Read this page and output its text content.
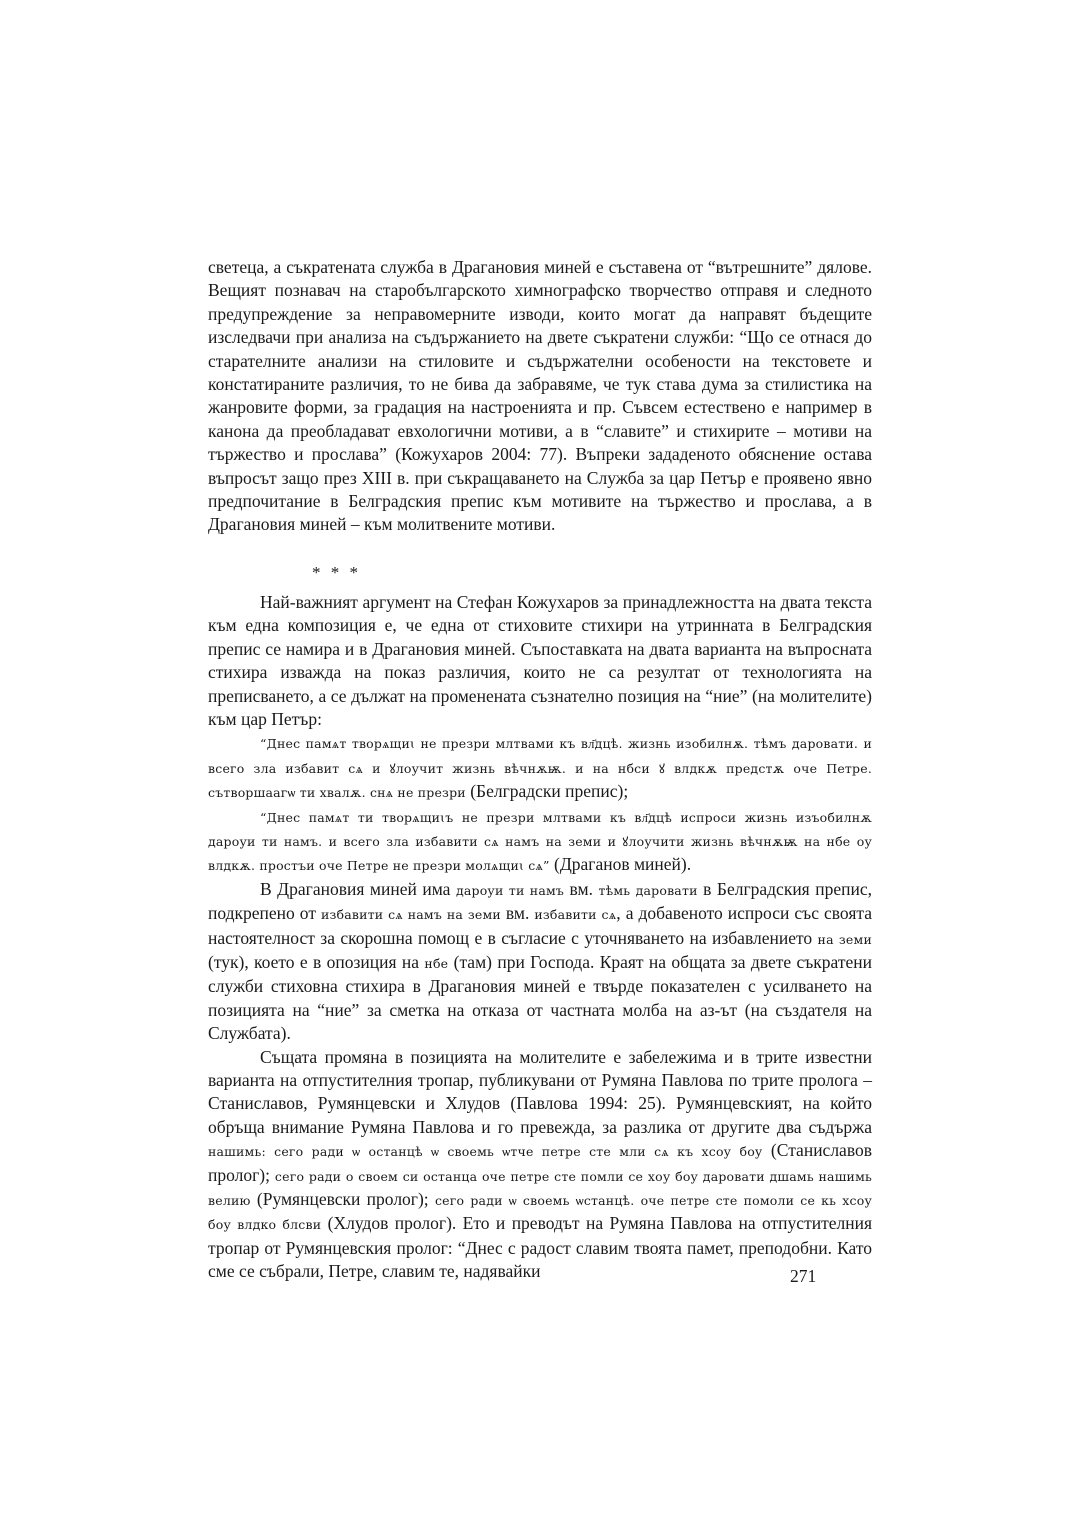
светеца, а съкратената служба в Драгановия миней е съставена от “вътрешните” дялове. Вещият познавач на старобългарското химнографско творчество отправя и следното предупреждение за неправомерните изводи, които могат да направят бъдещите изследвачи при анализа на съдържанието на двете съкратени служби: “Що се отнася до старателните анализи на стиловите и съдържателни особености на текстовете и констатираните различия, то не бива да забравяме, че тук става дума за стилистика на жанровите форми, за градация на настроенията и пр. Съвсем естествено е например в канона да преобладават евхологични мотиви, а в “славите” и стихирите – мотиви на тържество и прослава” (Кожухаров 2004: 77). Въпреки зададеното обяснение остава въпросът защо през XIII в. при съкращаването на Служба за цар Петър е проявено явно предпочитание в Белградския препис към мотивите на тържество и прослава, а в Драгановия миней – към молитвените мотиви.

* * *

Най-важният аргумент на Стефан Кожухаров за принадлежността на двата текста към една композиция е, че една от стиховите стихири на утринната в Белградския препис се намира и в Драгановия миней. Съпоставката на двата варианта на въпросната стихира изважда на показ различия, които не са резултат от технологията на преписването, а се дължат на променената съзнателно позиция на “ние” (на молителите) към цар Петър:

“Днес памѧт творѧщиꙇ не презри млтвами къ вл҃дцѣ. жизнь изобилнѫ. тѣмъ даровати. и всего зла избавит сѧ и ꙋлоучит жизнь вѣчнѫѭ. и на нбси ꙋ влдкѫ предстѫ оче Петре. сътворшаагѡ ти хвалѫ. снѧ не презри (Белградски препис);

“Днес памѧт ти творѧщиꙇъ не презри млтвами къ вл҃дцѣ испроси жизнь изъобилнѫ дароуи ти намъ. и всего зла избавити сѧ намъ на земи и ꙋлоучити жизнь вѣчнѫѭ на нбе оу влдкѫ. простъи оче Петре не презри молѧщиꙇ сѧ” (Драганов миней).

В Драгановия миней има дароуи ти намъ вм. тѣмь даровати в Белградския препис, подкрепено от избавити сѧ намъ на земи вм. избавити сѧ, а добавеното испроси със своята настоятелност за скорошна помощ е в съгласие с уточняването на избавлението на земи (тук), което е в опозиция на нбе (там) при Господа. Краят на общата за двете съкратени служби стиховна стихира в Драгановия миней е твърде показателен с усилването на позицията на “ние” за сметка на отказа от частната молба на аз-ът (на създателя на Службата).

Същата промяна в позицията на молителите е забележима и в трите известни варианта на отпустителния тропар, публикувани от Румяна Павлова по трите пролога – Станиславов, Румянцевски и Хлудов (Павлова 1994: 25). Румянцевският, на който обръща внимание Румяна Павлова и го превежда, за разлика от другите два съдържа нашимь: сего ради ѡ останцѣ ѡ своемь ѡтче петре сте мли сѧ къ хсоу боу (Станиславов пролог); сего ради о своем си останца оче петре сте помли се хоу боу даровати дшамь нашимь велию (Румянцевски пролог); сего ради ѡ своемь ѡстанцѣ. оче петре сте помоли се кь хсоу боу влдко блсви (Хлудов пролог). Ето и преводът на Румяна Павлова на отпустителния тропар от Румянцевския пролог: “Днес с радост славим твоята памет, преподобни. Като сме се събрали, Петре, славим те, надявайки	271
